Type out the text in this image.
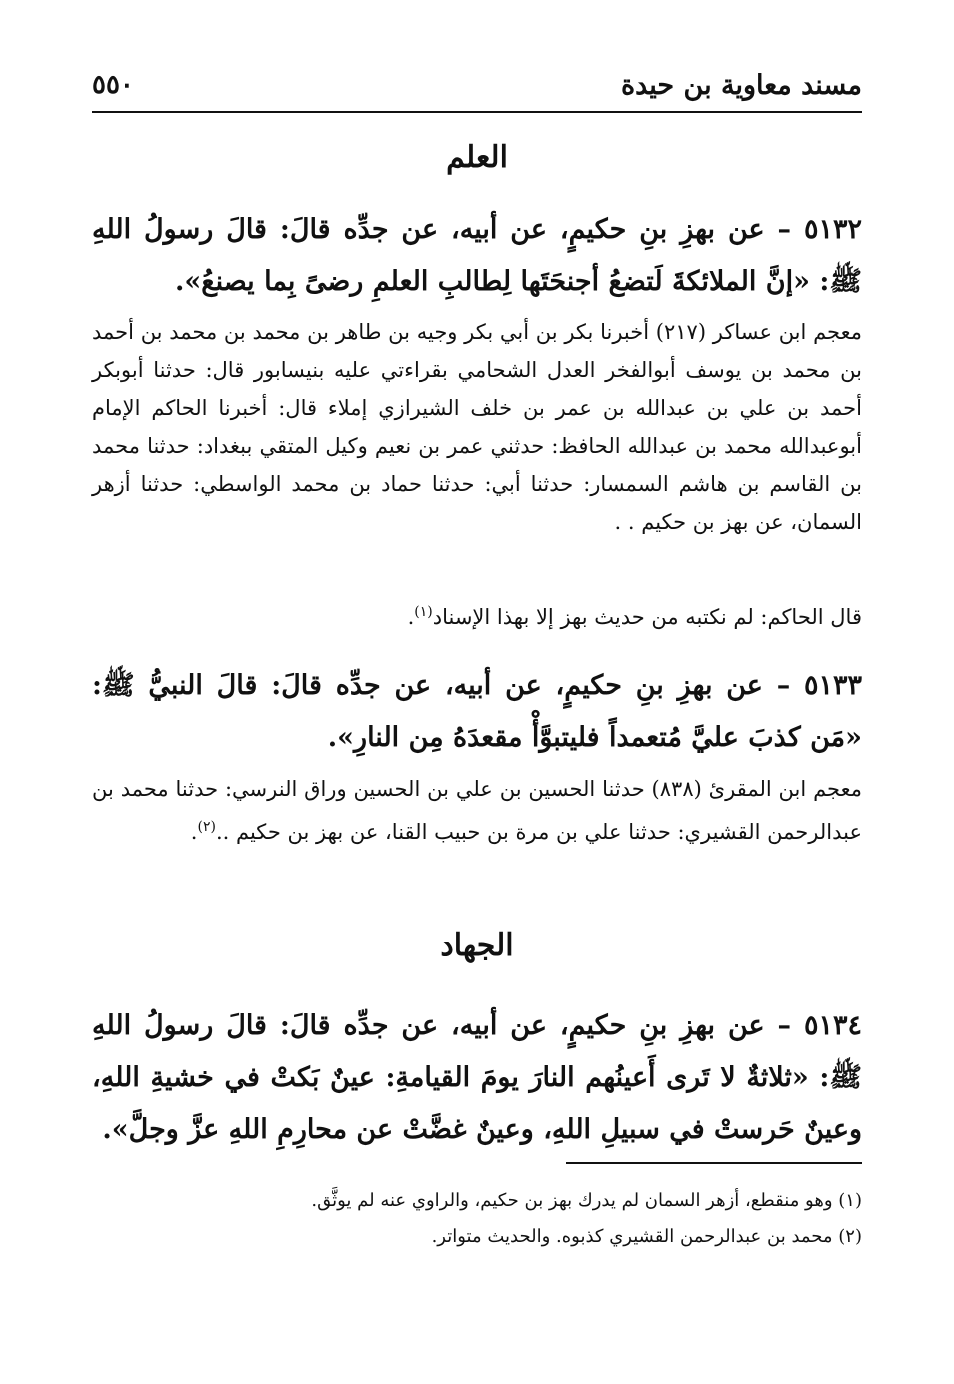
مسند معاوية بن حيدة
٥٥٠
العلم
٥١٣٢ – عن بهزِ بنِ حكيمٍ، عن أبيه، عن جدِّه قالَ: قالَ رسولُ اللهِ ﷺ: «إنَّ الملائكةَ لَتضعُ أجنحَتَها لِطالبِ العلمِ رضىً بِما يصنعُ».
معجم ابن عساكر (٢١٧) أخبرنا بكر بن أبي بكر وجيه بن طاهر بن محمد بن محمد بن أحمد بن محمد بن يوسف أبوالفخر العدل الشحامي بقراءتي عليه بنيسابور قال: حدثنا أبوبكر أحمد بن علي بن عبدالله بن عمر بن خلف الشيرازي إملاء قال: أخبرنا الحاكم الإمام أبوعبدالله محمد بن عبدالله الحافظ: حدثني عمر بن نعيم وكيل المتقي ببغداد: حدثنا محمد بن القاسم بن هاشم السمسار: حدثنا أبي: حدثنا حماد بن محمد الواسطي: حدثنا أزهر السمان، عن بهز بن حكيم . .
قال الحاكم: لم نكتبه من حديث بهز إلا بهذا الإسناد$^{(١)}$.
٥١٣٣ – عن بهزِ بنِ حكيمٍ، عن أبيه، عن جدِّه قالَ: قالَ النبيُّ ﷺ: «مَن كذبَ عليَّ مُتعمداً فليتبوَّأْ مقعدَهُ مِن النارِ».
معجم ابن المقرئ (٨٣٨) حدثنا الحسين بن علي بن الحسين وراق النرسي: حدثنا محمد بن عبدالرحمن القشيري: حدثنا علي بن مرة بن حبيب القنا، عن بهز بن حكيم ..$^{(٢)}$.
الجهاد
٥١٣٤ – عن بهزِ بنِ حكيمٍ، عن أبيه، عن جدِّه قالَ: قالَ رسولُ اللهِ ﷺ: «ثلاثةٌ لا تَرى أَعينُهم النارَ يومَ القيامةِ: عينٌ بَكتْ في خشيةِ اللهِ، وعينٌ حَرستْ في سبيلِ اللهِ، وعينٌ غضَّتْ عن محارِمِ اللهِ عزَّ وجلَّ».
(١) وهو منقطع، أزهر السمان لم يدرك بهز بن حكيم، والراوي عنه لم يوثَّق.
(٢) محمد بن عبدالرحمن القشيري كذبوه. والحديث متواتر.
